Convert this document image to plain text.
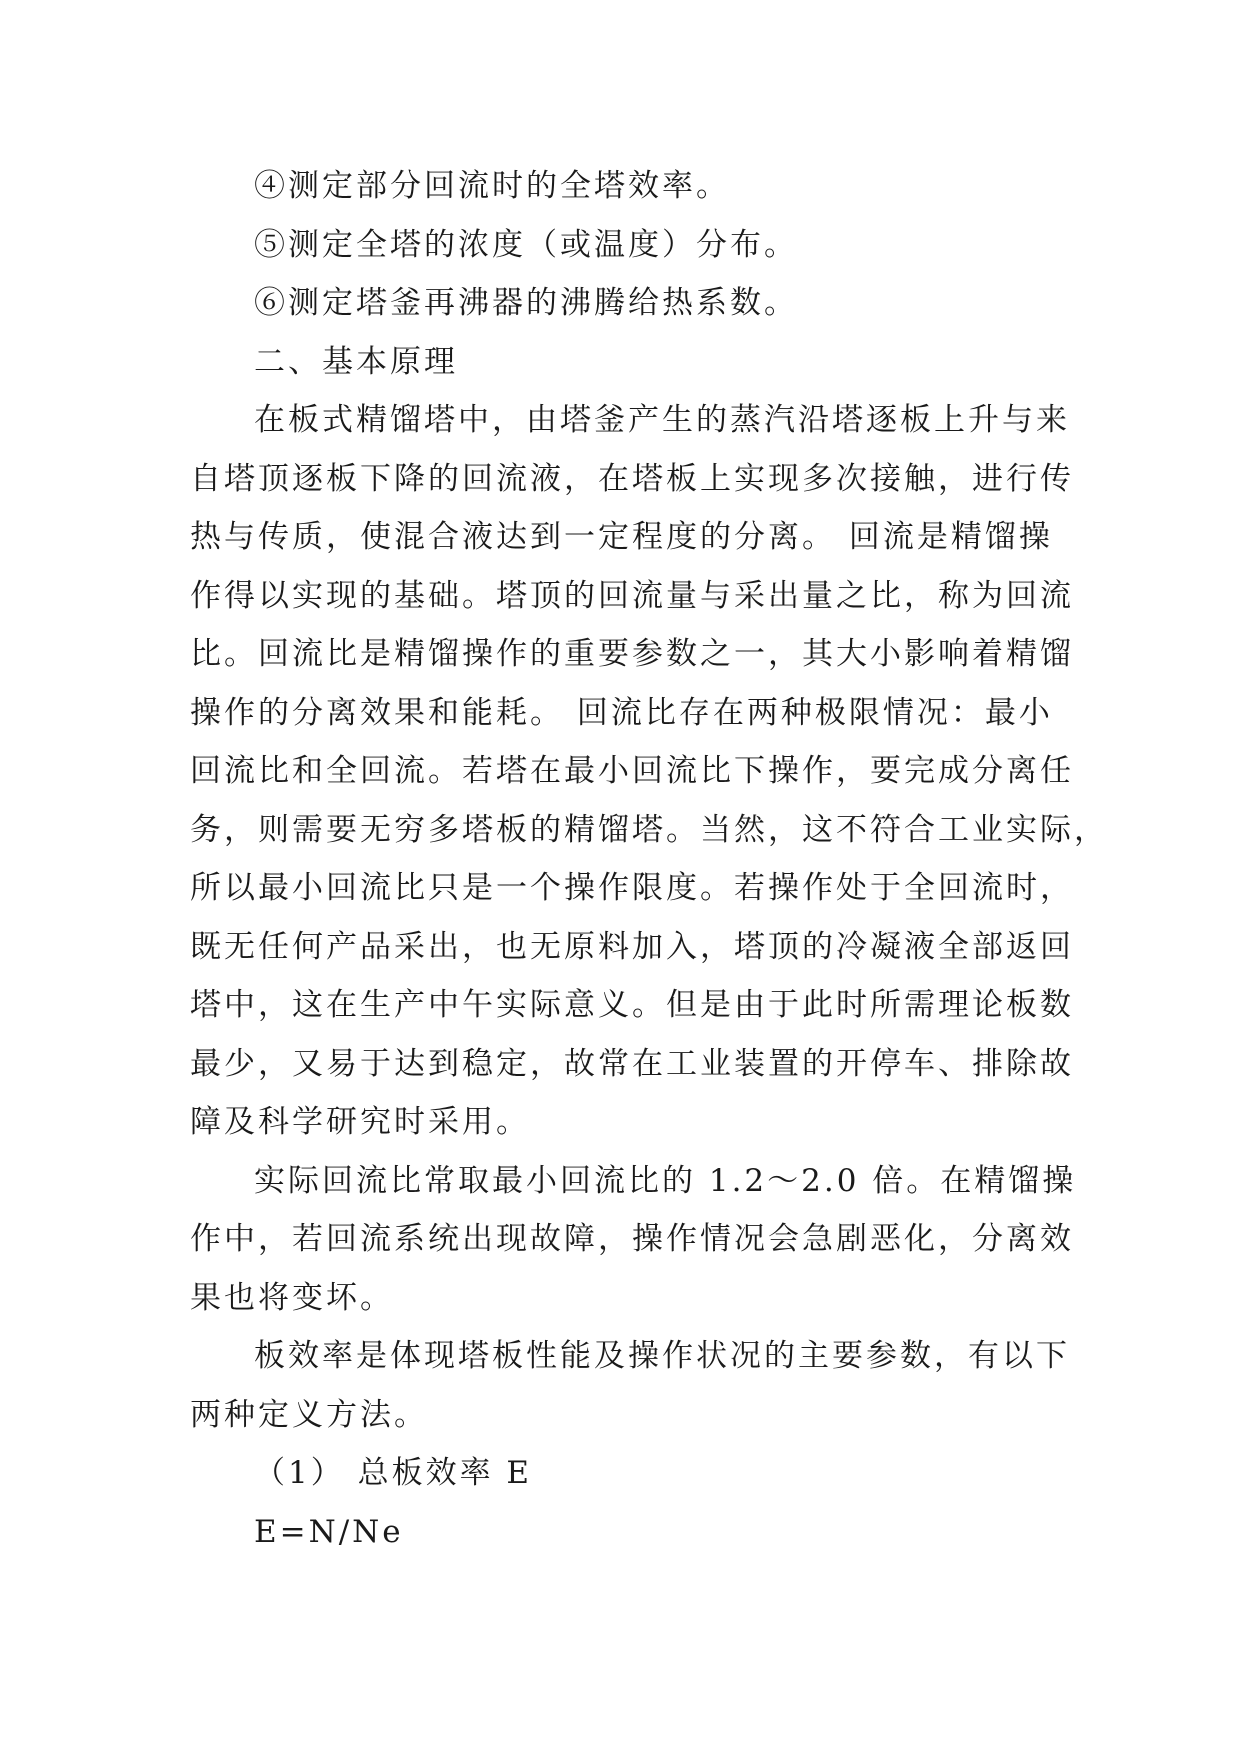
④测定部分回流时的全塔效率。
⑤测定全塔的浓度（或温度）分布。
⑥测定塔釜再沸器的沸腾给热系数。
二、基本原理
在板式精馏塔中，由塔釜产生的蒸汽沿塔逐板上升与来
自塔顶逐板下降的回流液，在塔板上实现多次接触，进行传
热与传质，使混合液达到一定程度的分离。 回流是精馏操
作得以实现的基础。塔顶的回流量与采出量之比，称为回流
比。回流比是精馏操作的重要参数之一，其大小影响着精馏
操作的分离效果和能耗。 回流比存在两种极限情况：最小
回流比和全回流。若塔在最小回流比下操作，要完成分离任
务，则需要无穷多塔板的精馏塔。当然，这不符合工业实际，
所以最小回流比只是一个操作限度。若操作处于全回流时，
既无任何产品采出，也无原料加入，塔顶的冷凝液全部返回
塔中，这在生产中午实际意义。但是由于此时所需理论板数
最少，又易于达到稳定，故常在工业装置的开停车、排除故
障及科学研究时采用。
实际回流比常取最小回流比的 1.2～2.0 倍。在精馏操
作中，若回流系统出现故障，操作情况会急剧恶化，分离效
果也将变坏。
板效率是体现塔板性能及操作状况的主要参数，有以下
两种定义方法。
（1） 总板效率 E
E=N/Ne
